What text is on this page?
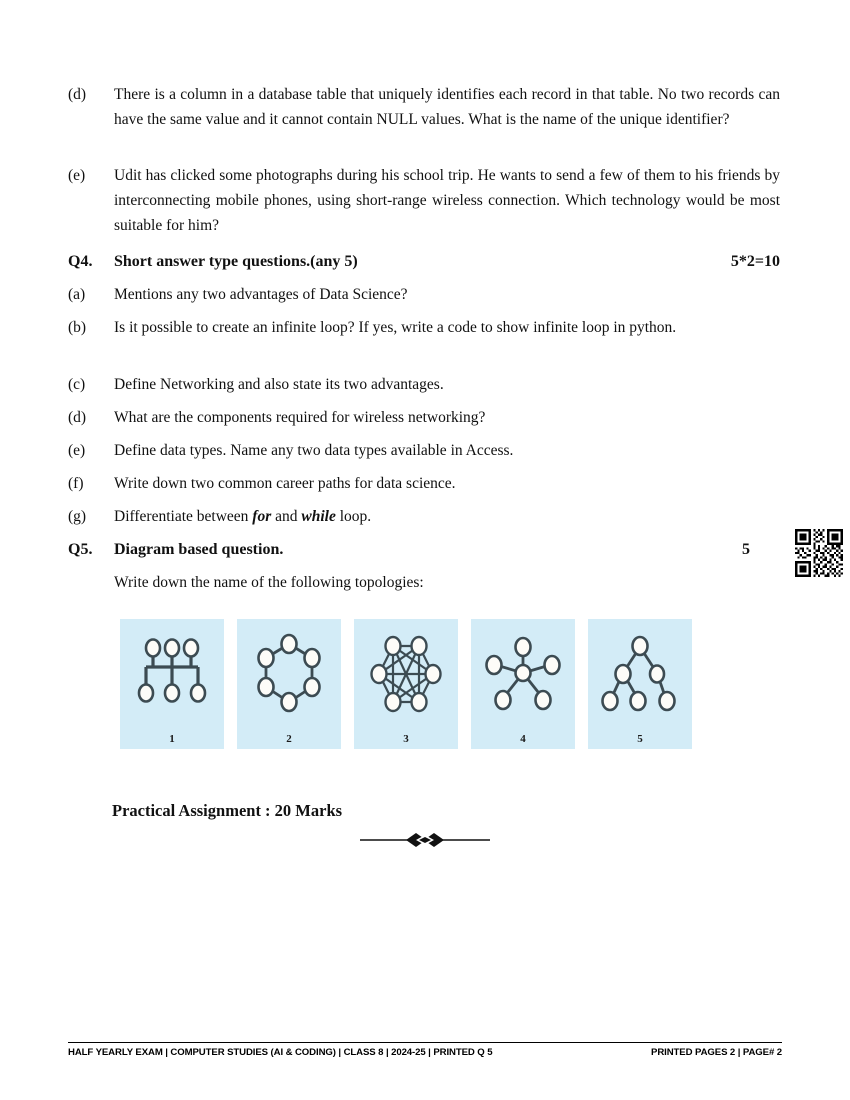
(d)	There is a column in a database table that uniquely identifies each record in that table. No two records can have the same value and it cannot contain NULL values. What is the name of the unique identifier?
(e)	Udit has clicked some photographs during his school trip. He wants to send a few of them to his friends by interconnecting mobile phones, using short-range wireless connection. Which technology would be most suitable for him?
Q4.	Short answer type questions.(any 5)	5*2=10
(a)	Mentions any two advantages of Data Science?
(b)	Is it possible to create an infinite loop? If yes, write a code to show infinite loop in python.
(c)	Define Networking and also state its two advantages.
(d)	What are the components required for wireless networking?
(e)	Define data types. Name any two data types available in Access.
(f)	Write down two common career paths for data science.
(g)	Differentiate between for and while loop.
Q5.	Diagram based question.	5
Write down the name of the following topologies:
1	2	3	4	5
Practical Assignment : 20 Marks
HALF YEARLY EXAM | COMPUTER STUDIES (AI & CODING) | CLASS 8 | 2024-25 | PRINTED Q 5	PRINTED PAGES 2 | PAGE# 2
